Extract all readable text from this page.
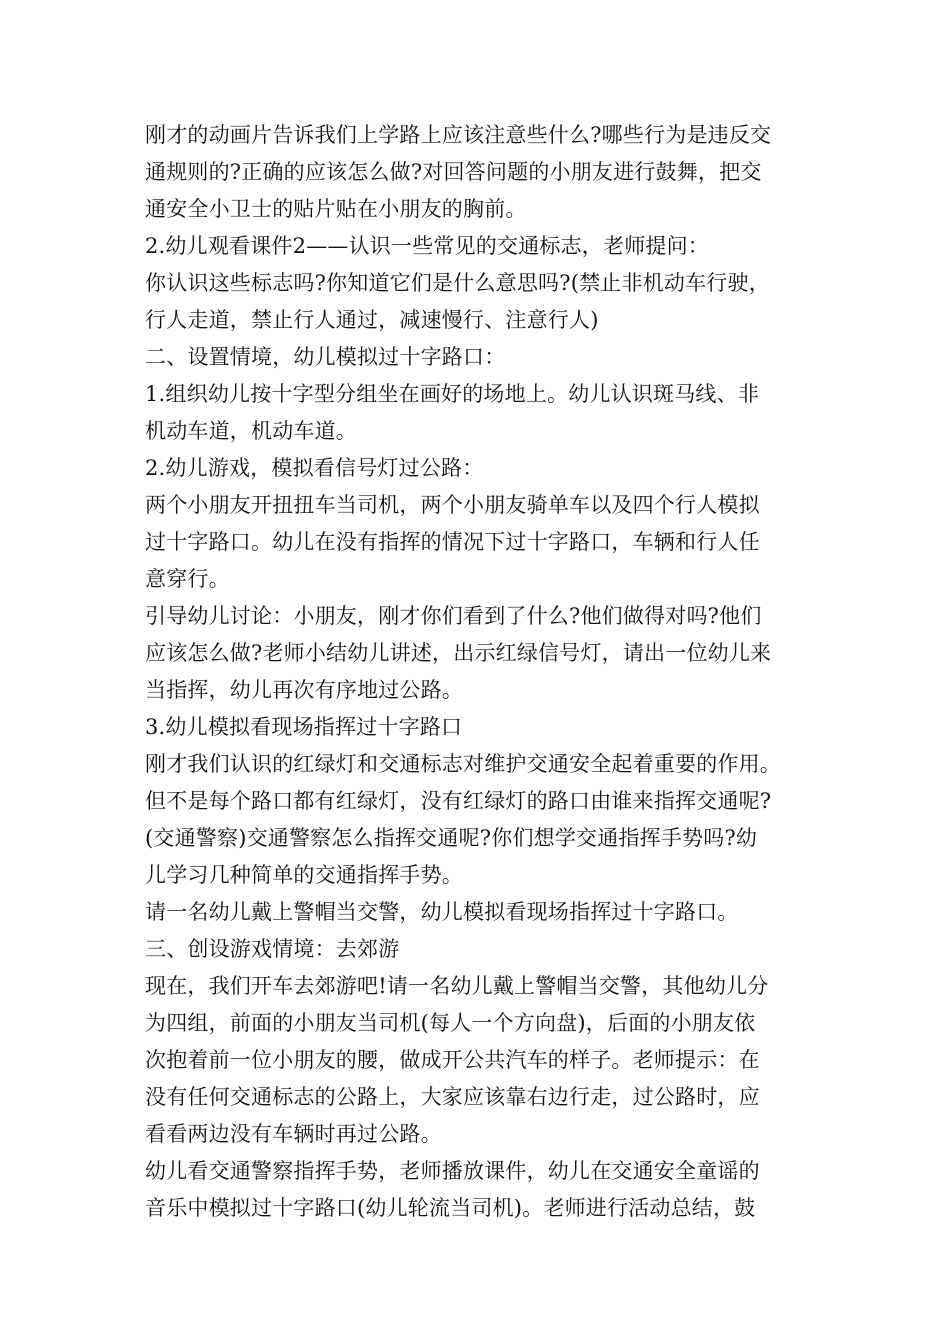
刚才的动画片告诉我们上学路上应该注意些什么?哪些行为是违反交
通规则的?正确的应该怎么做?对回答问题的小朋友进行鼓舞，把交
通安全小卫士的贴片贴在小朋友的胸前。
2.幼儿观看课件2——认识一些常见的交通标志，老师提问：
你认识这些标志吗?你知道它们是什么意思吗?(禁止非机动车行驶，
行人走道，禁止行人通过，减速慢行、注意行人)
二、设置情境，幼儿模拟过十字路口：
1.组织幼儿按十字型分组坐在画好的场地上。幼儿认识斑马线、非
机动车道，机动车道。
2.幼儿游戏，模拟看信号灯过公路：
两个小朋友开扭扭车当司机，两个小朋友骑单车以及四个行人模拟
过十字路口。幼儿在没有指挥的情况下过十字路口，车辆和行人任
意穿行。
引导幼儿讨论：小朋友，刚才你们看到了什么?他们做得对吗?他们
应该怎么做?老师小结幼儿讲述，出示红绿信号灯，请出一位幼儿来
当指挥，幼儿再次有序地过公路。
3.幼儿模拟看现场指挥过十字路口
刚才我们认识的红绿灯和交通标志对维护交通安全起着重要的作用。
但不是每个路口都有红绿灯，没有红绿灯的路口由谁来指挥交通呢?
(交通警察)交通警察怎么指挥交通呢?你们想学交通指挥手势吗?幼
儿学习几种简单的交通指挥手势。
请一名幼儿戴上警帽当交警，幼儿模拟看现场指挥过十字路口。
三、创设游戏情境：去郊游
现在，我们开车去郊游吧!请一名幼儿戴上警帽当交警，其他幼儿分
为四组，前面的小朋友当司机(每人一个方向盘)，后面的小朋友依
次抱着前一位小朋友的腰，做成开公共汽车的样子。老师提示：在
没有任何交通标志的公路上，大家应该靠右边行走，过公路时，应
看看两边没有车辆时再过公路。
幼儿看交通警察指挥手势，老师播放课件，幼儿在交通安全童谣的
音乐中模拟过十字路口(幼儿轮流当司机)。老师进行活动总结，鼓
